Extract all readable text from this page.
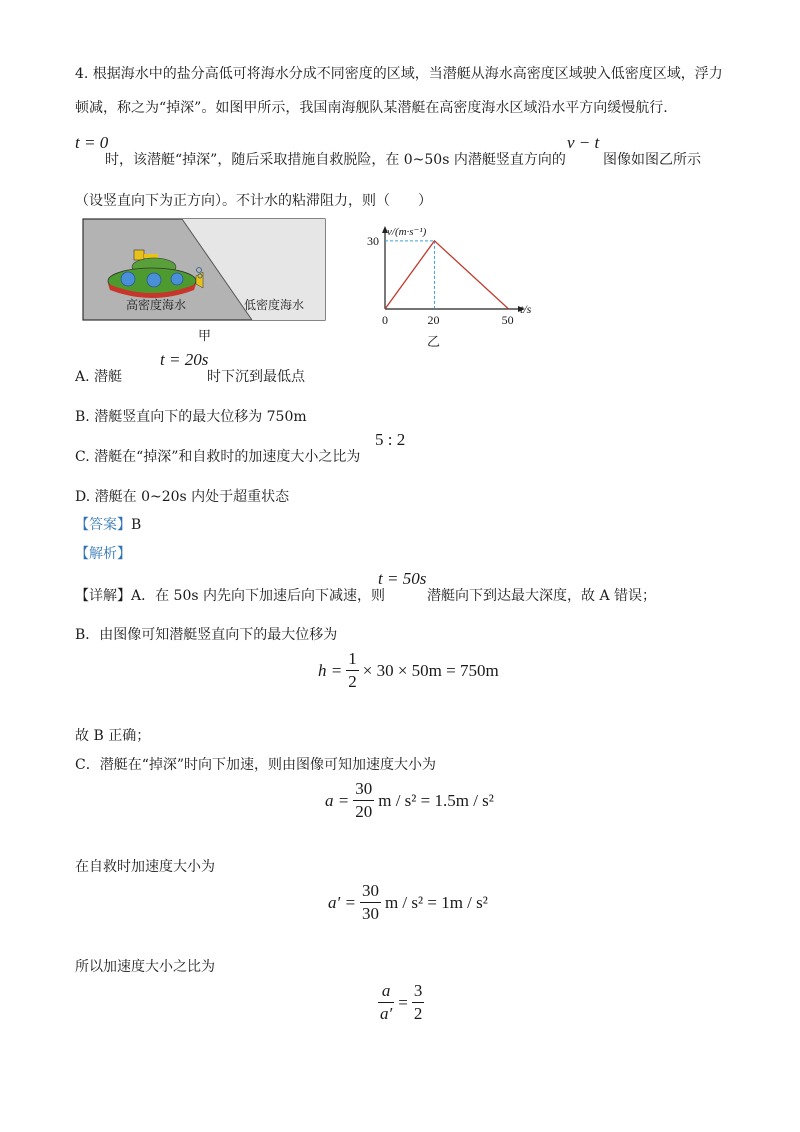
4. 根据海水中的盐分高低可将海水分成不同密度的区域，当潜艇从海水高密度区域驶入低密度区域，浮力
顿减，称之为“掉深”。如图甲所示，我国南海舰队某潜艇在高密度海水区域沿水平方向缓慢航行.
t = 0
时，该潜艇“掉深”，随后采取措施自救脱险，在 0~50s 内潜艇竖直方向的
v − t
图像如图乙所示
（设竖直向下为正方向）。不计水的粘滞阻力，则（　　）
高密度海水	低密度海水
甲
30
20	50
0
v/(m·s⁻¹)
t/s
乙
A. 潜艇
t = 20s
时下沉到最低点
B. 潜艇竖直向下的最大位移为 750m
C. 潜艇在“掉深”和自救时的加速度大小之比为
5 : 2
D. 潜艇在 0~20s 内处于超重状态
【答案】B
【解析】
【详解】A．在 50s 内先向下加速后向下减速，则
t = 50s
潜艇向下到达最大深度，故 A 错误；
B．由图像可知潜艇竖直向下的最大位移为
$h = \frac{1}{2} \times 30 \times 50m = 750m$
故 B 正确；
C．潜艇在“掉深”时向下加速，则由图像可知加速度大小为
$a = \frac{30}{20}$ m / s² = 1.5m / s²
在自救时加速度大小为
$a' = \frac{30}{30}$ m / s² = 1m / s²
所以加速度大小之比为
$\frac{a}{a'} = \frac{3}{2}$
